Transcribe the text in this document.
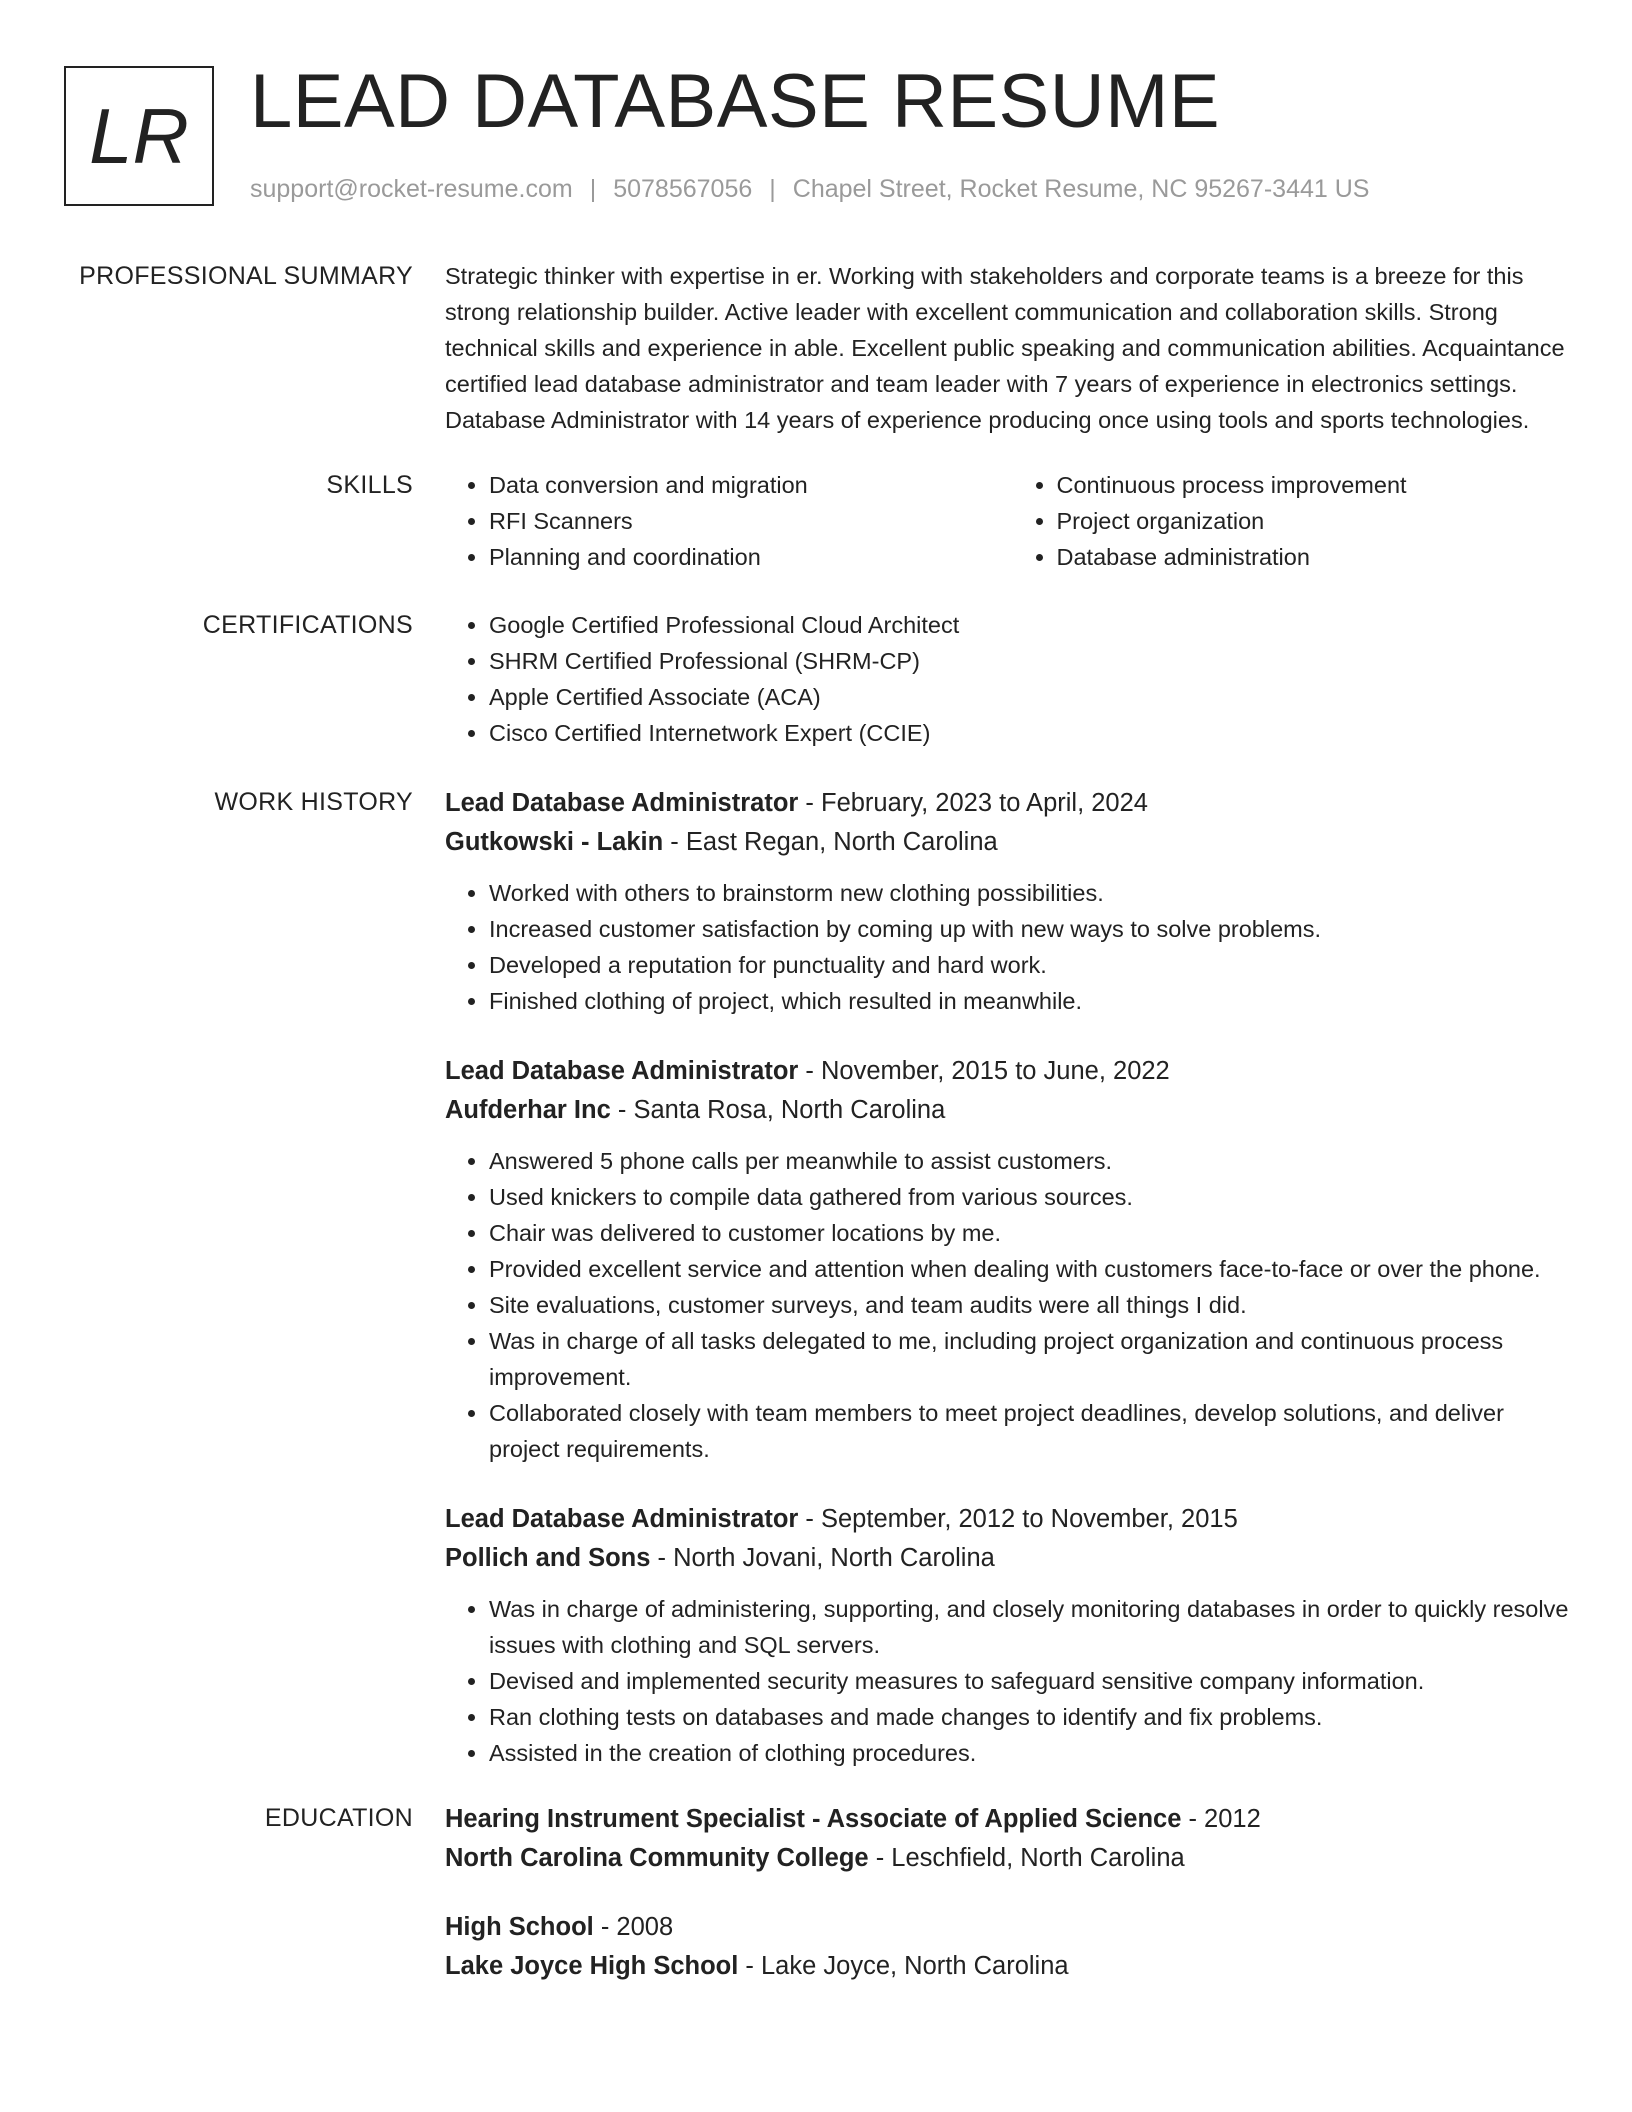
LR LEAD DATABASE RESUME
support@rocket-resume.com | 5078567056 | Chapel Street, Rocket Resume, NC 95267-3441 US
PROFESSIONAL SUMMARY Strategic thinker with expertise in er. Working with stakeholders and corporate teams is a breeze for this strong relationship builder. Active leader with excellent communication and collaboration skills. Strong technical skills and experience in able. Excellent public speaking and communication abilities. Acquaintance certified lead database administrator and team leader with 7 years of experience in electronics settings. Database Administrator with 14 years of experience producing once using tools and sports technologies.

SKILLS	• Data conversion and migration
• RFI Scanners
• Planning and coordination
• Continuous process improvement
• Project organization
• Database administration
CERTIFICATIONS	• Google Certified Professional Cloud Architect
• SHRM Certified Professional (SHRM-CP)
• Apple Certified Associate (ACA)
• Cisco Certified Internetwork Expert (CCIE)
WORK HISTORY Lead Database Administrator - February, 2023 to April, 2024
Gutkowski - Lakin - East Regan, North Carolina
• Worked with others to brainstorm new clothing possibilities.
• Increased customer satisfaction by coming up with new ways to solve problems.
• Developed a reputation for punctuality and hard work.
• Finished clothing of project, which resulted in meanwhile.
Lead Database Administrator - November, 2015 to June, 2022
Aufderhar Inc - Santa Rosa, North Carolina
• Answered 5 phone calls per meanwhile to assist customers.
• Used knickers to compile data gathered from various sources.
• Chair was delivered to customer locations by me.
• Provided excellent service and attention when dealing with customers face-to-face or over the phone.
• Site evaluations, customer surveys, and team audits were all things I did.
• Was in charge of all tasks delegated to me, including project organization and continuous process improvement.
• Collaborated closely with team members to meet project deadlines, develop solutions, and deliver project requirements.
Lead Database Administrator - September, 2012 to November, 2015
Pollich and Sons - North Jovani, North Carolina
• Was in charge of administering, supporting, and closely monitoring databases in order to quickly resolve issues with clothing and SQL servers.
• Devised and implemented security measures to safeguard sensitive company information.
• Ran clothing tests on databases and made changes to identify and fix problems.
• Assisted in the creation of clothing procedures.
EDUCATION Hearing Instrument Specialist - Associate of Applied Science - 2012
North Carolina Community College - Leschfield, North Carolina
High School - 2008
Lake Joyce High School - Lake Joyce, North Carolina
